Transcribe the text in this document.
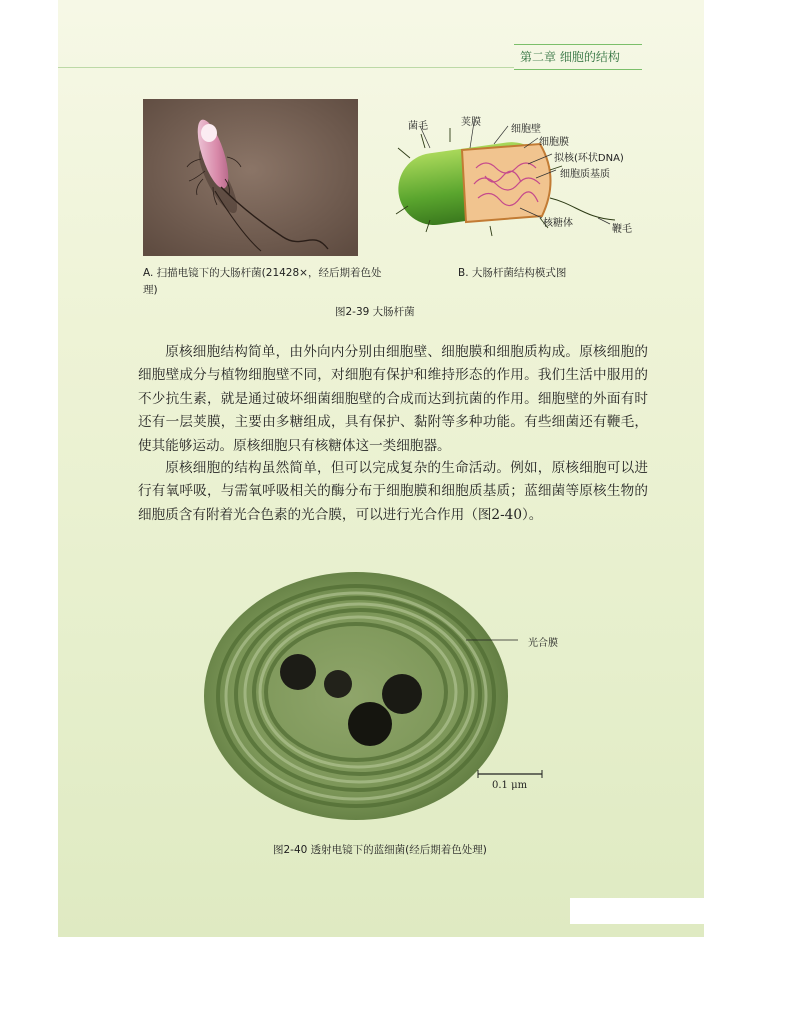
第二章 细胞的结构
A. 扫描电镜下的大肠杆菌(21428×，经后期着色处理)
菌毛	荚膜
细胞壁
细胞膜
拟核(环状DNA)
细胞质基质
核糖体
鞭毛
B. 大肠杆菌结构模式图
图2-39 大肠杆菌

原核细胞结构简单，由外向内分别由细胞壁、细胞膜和细胞质构成。原核细胞的细胞壁成分与植物细胞壁不同，对细胞有保护和维持形态的作用。我们生活中服用的不少抗生素，就是通过破坏细菌细胞壁的合成而达到抗菌的作用。细胞壁的外面有时还有一层荚膜，主要由多糖组成，具有保护、黏附等多种功能。有些细菌还有鞭毛，使其能够运动。原核细胞只有核糖体这一类细胞器。

原核细胞的结构虽然简单，但可以完成复杂的生命活动。例如，原核细胞可以进行有氧呼吸，与需氧呼吸相关的酶分布于细胞膜和细胞质基质；蓝细菌等原核生物的细胞质含有附着光合色素的光合膜，可以进行光合作用（图2-40）。

光合膜
0.1 μm
图2-40 透射电镜下的蓝细菌(经后期着色处理)
